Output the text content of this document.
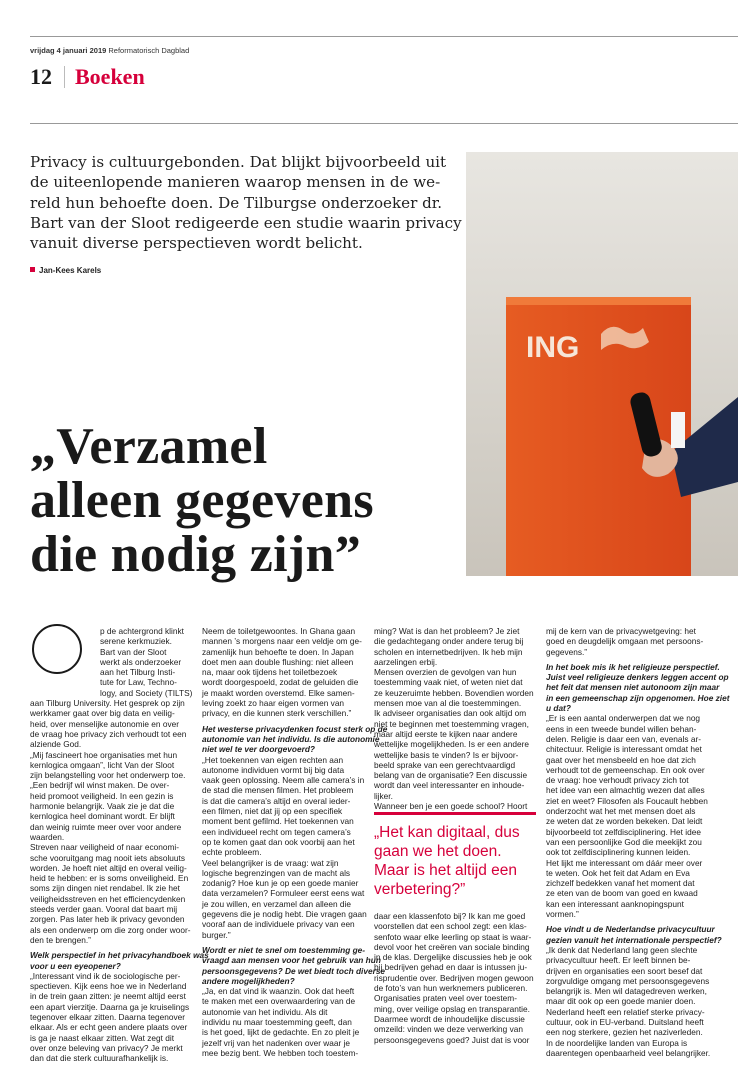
vrijdag 4 januari 2019 Reformatorisch Dagblad
12 Boeken
Privacy is cultuurgebonden. Dat blijkt bijvoorbeeld uit
de uiteenlopende manieren waarop mensen in de we-
reld hun behoefte doen. De Tilburgse onderzoeker dr.
Bart van der Sloot redigeerde een studie waarin privacy
vanuit diverse perspectieven wordt belicht.
Jan-Kees Karels
ING
„Verzamel
alleen gegevens
die nodig zijn”
p de achtergrond klinkt
serene kerkmuziek.
Bart van der Sloot
werkt als onderzoeker
aan het Tilburg Insti-
tute for Law, Techno-
logy, and Society (TILTS)
aan Tilburg University. Het gesprek op zijn
werkkamer gaat over big data en veilig-
heid, over menselijke autonomie en over
de vraag hoe privacy zich verhoudt tot een
alziende God.
„Mij fascineert hoe organisaties met hun
kernlogica omgaan”, licht Van der Sloot
zijn belangstelling voor het onderwerp toe.
„Een bedrijf wil winst maken. De over-
heid promoot veiligheid. In een gezin is
harmonie belangrijk. Vaak zie je dat die
kernlogica heel dominant wordt. Er blijft
dan weinig ruimte meer over voor andere
waarden.
Streven naar veiligheid of naar economi-
sche vooruitgang mag nooit iets absoluuts
worden. Je hoeft niet altijd en overal veilig-
heid te hebben: er is soms onveiligheid. En
soms zijn dingen niet rendabel. Ik zie het
veiligheidsstreven en het efficiencydenken
steeds verder gaan. Vooral dat baart mij
zorgen. Pas later heb ik privacy gevonden
als een onderwerp om die zorg onder woor-
den te brengen.”
Welk perspectief in het privacyhandboek was
voor u een eyeopener?
„Interessant vind ik de sociologische per-
spectieven. Kijk eens hoe we in Nederland
in de trein gaan zitten: je neemt altijd eerst
een apart vierzitje. Daarna ga je kruiselings
tegenover elkaar zitten. Daarna tegenover
elkaar. Als er echt geen andere plaats over
is ga je naast elkaar zitten. Wat zegt dit
over onze beleving van privacy? Je merkt
dan dat die sterk cultuurafhankelijk is.
Neem de toiletgewoontes. In Ghana gaan
mannen ’s morgens naar een veldje om ge-
zamenlijk hun behoefte te doen. In Japan
doet men aan double flushing: niet alleen
na, maar ook tijdens het toiletbezoek
wordt doorgespoeld, zodat de geluiden die
je maakt worden overstemd. Elke samen-
leving zoekt zo haar eigen vormen van
privacy, en die kunnen sterk verschillen.”
Het westerse privacydenken focust sterk op de
autonomie van het individu. Is die autonomie
niet wel te ver doorgevoerd?
„Het toekennen van eigen rechten aan
autonome individuen vormt bij big data
vaak geen oplossing. Neem alle camera’s in
de stad die mensen filmen. Het probleem
is dat die camera’s altijd en overal ieder-
een filmen, niet dat jij op een specifiek
moment bent gefilmd. Het toekennen van
een individueel recht om tegen camera’s
op te komen gaat dan ook voorbij aan het
echte probleem.
Veel belangrijker is de vraag: wat zijn
logische begrenzingen van de macht als
zodanig? Hoe kun je op een goede manier
data verzamelen? Formuleer eerst eens wat
je zou willen, en verzamel dan alleen die
gegevens die je nodig hebt. Die vragen gaan
vooraf aan de individuele privacy van een
burger.”
Wordt er niet te snel om toestemming ge-
vraagd aan mensen voor het gebruik van hun
persoonsgegevens? De wet biedt toch diverse
andere mogelijkheden?
„Ja, en dat vind ik waanzin. Ook dat heeft
te maken met een overwaardering van de
autonomie van het individu. Als dit
individu nu maar toestemming geeft, dan
is het goed, lijkt de gedachte. En zo pleit je
jezelf vrij van het nadenken over waar je
mee bezig bent. We hebben toch toestem-
ming? Wat is dan het probleem? Je ziet
die gedachtegang onder andere terug bij
scholen en internetbedrijven. Ik heb mijn
aarzelingen erbij.
Mensen overzien de gevolgen van hun
toestemming vaak niet, of weten niet dat
ze keuzeruimte hebben. Bovendien worden
mensen moe van al die toestemmingen.
Ik adviseer organisaties dan ook altijd om
niet te beginnen met toestemming vragen,
maar altijd eerste te kijken naar andere
wettelijke mogelijkheden. Is er een andere
wettelijke basis te vinden? Is er bijvoor-
beeld sprake van een gerechtvaardigd
belang van de organisatie? Een discussie
wordt dan veel interessanter en inhoude-
lijker.
Wanneer ben je een goede school? Hoort
daar een klassenfoto bij? Ik kan me goed
voorstellen dat een school zegt: een klas-
senfoto waar elke leerling op staat is waar-
devol voor het creëren van sociale binding
in de klas. Dergelijke discussies heb je ook
bij bedrijven gehad en daar is intussen ju-
risprudentie over. Bedrijven mogen gewoon
de foto’s van hun werknemers publiceren.
Organisaties praten veel over toestem-
ming, over veilige opslag en transparantie.
Daarmee wordt de inhoudelijke discussie
omzeild: vinden we deze verwerking van
persoonsgegevens goed? Juist dat is voor
mij de kern van de privacywetgeving: het
goed en deugdelijk omgaan met persoons-
gegevens.”
In het boek mis ik het religieuze perspectief.
Juist veel religieuze denkers leggen accent op
het feit dat mensen niet autonoom zijn maar
in een gemeenschap zijn opgenomen. Hoe ziet
u dat?
„Er is een aantal onderwerpen dat we nog
eens in een tweede bundel willen behan-
delen. Religie is daar een van, evenals ar-
chitectuur. Religie is interessant omdat het
gaat over het mensbeeld en hoe dat zich
verhoudt tot de gemeenschap. En ook over
de vraag: hoe verhoudt privacy zich tot
het idee van een almachtig wezen dat alles
ziet en weet? Filosofen als Foucault hebben
onderzocht wat het met mensen doet als
ze weten dat ze worden bekeken. Dat leidt
bijvoorbeeld tot zelfdisciplinering. Het idee
van een persoonlijke God die meekijkt zou
ook tot zelfdisciplinering kunnen leiden.
Het lijkt me interessant om dáár meer over
te weten. Ook het feit dat Adam en Eva
zichzelf bedekken vanaf het moment dat
ze eten van de boom van goed en kwaad
kan een interessant aanknopingspunt
vormen.”
Hoe vindt u de Nederlandse privacycultuur
gezien vanuit het internationale perspectief?
„Ik denk dat Nederland lang geen slechte
privacycultuur heeft. Er leeft binnen be-
drijven en organisaties een soort besef dat
zorgvuldige omgang met persoonsgegevens
belangrijk is. Men wil datagedreven werken,
maar dit ook op een goede manier doen.
Nederland heeft een relatief sterke privacy-
cultuur, ook in EU-verband. Duitsland heeft
een nog sterkere, gezien het naziverleden.
In de noordelijke landen van Europa is
daarentegen openbaarheid veel belangrijker.
„Het kan digitaal, dus
gaan we het doen.
Maar is het altijd een
verbetering?”
